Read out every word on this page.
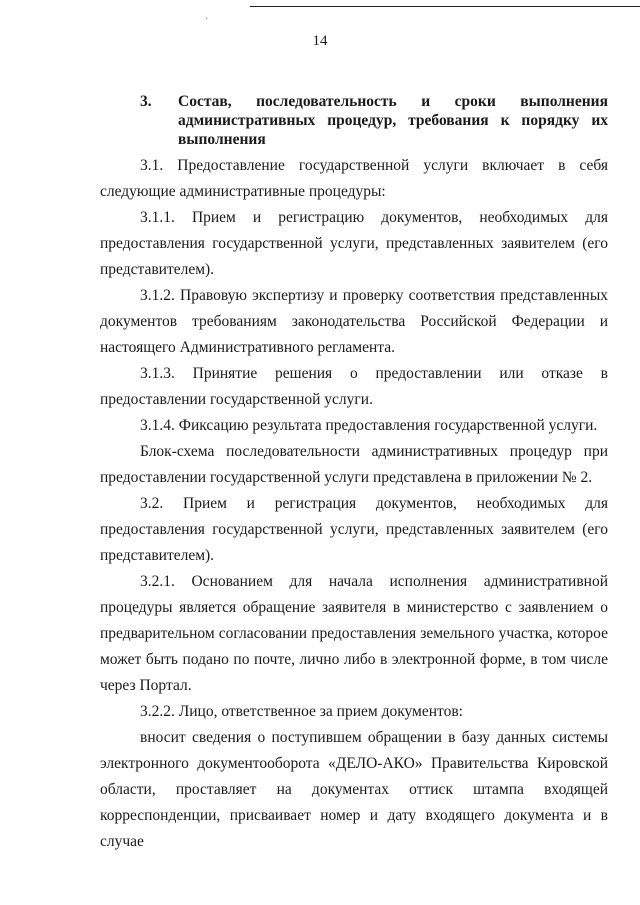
·
14
3. Состав, последовательность и сроки выполнения административных процедур, требования к порядку их выполнения

3.1. Предоставление государственной услуги включает в себя следующие административные процедуры:

3.1.1. Прием и регистрацию документов, необходимых для предоставления государственной услуги, представленных заявителем (его представителем).

3.1.2. Правовую экспертизу и проверку соответствия представленных документов требованиям законодательства Российской Федерации и настоящего Административного регламента.

3.1.3. Принятие решения о предоставлении или отказе в предоставлении государственной услуги.

3.1.4. Фиксацию результата предоставления государственной услуги.

Блок-схема последовательности административных процедур при предоставлении государственной услуги представлена в приложении № 2.

3.2. Прием и регистрация документов, необходимых для предоставления государственной услуги, представленных заявителем (его представителем).

3.2.1. Основанием для начала исполнения административной процедуры является обращение заявителя в министерство с заявлением о предварительном согласовании предоставления земельного участка, которое может быть подано по почте, лично либо в электронной форме, в том числе через Портал.

3.2.2. Лицо, ответственное за прием документов:

вносит сведения о поступившем обращении в базу данных системы электронного документооборота «ДЕЛО-АКО» Правительства Кировской области, проставляет на документах оттиск штампа входящей корреспонденции, присваивает номер и дату входящего документа и в случае
